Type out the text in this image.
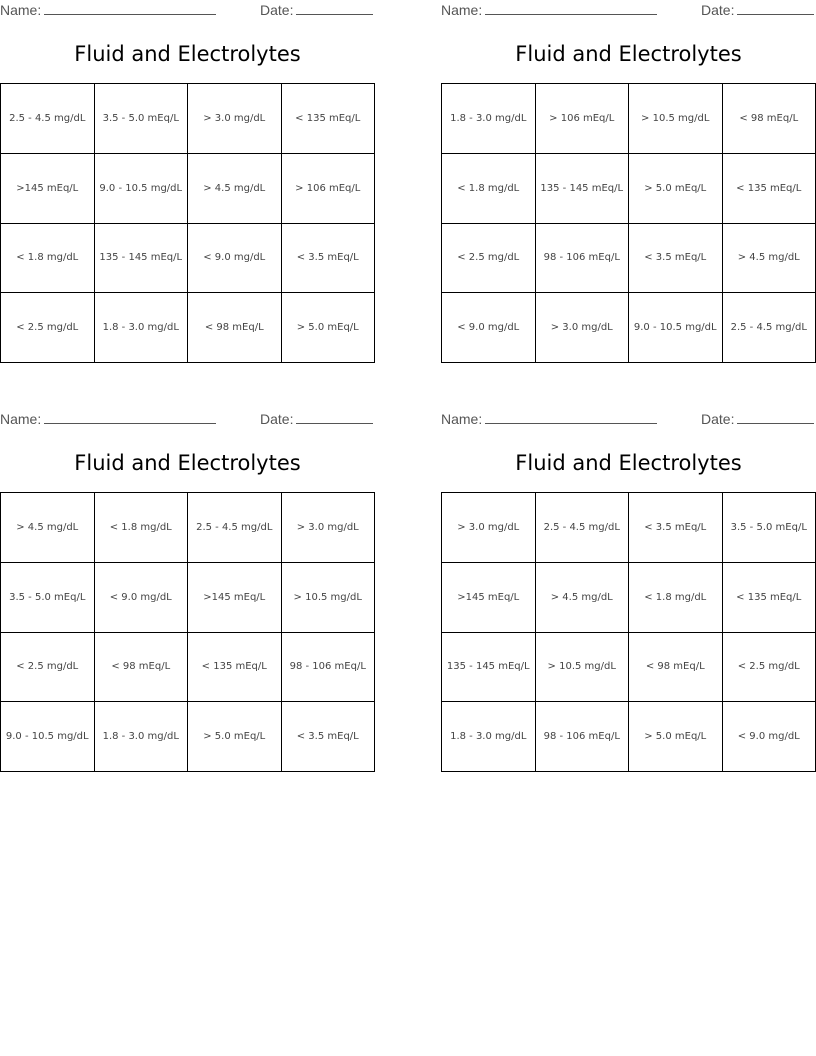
Name:	Date:
Fluid and Electrolytes
2.5 - 4.5 mg/dL	3.5 - 5.0 mEq/L	> 3.0 mg/dL	< 135 mEq/L
>145 mEq/L	9.0 - 10.5 mg/dL	> 4.5 mg/dL	> 106 mEq/L
< 1.8 mg/dL	135 - 145 mEq/L	< 9.0 mg/dL	< 3.5 mEq/L
< 2.5 mg/dL	1.8 - 3.0 mg/dL	< 98 mEq/L	> 5.0 mEq/L
Name:	Date:
Fluid and Electrolytes
1.8 - 3.0 mg/dL	> 106 mEq/L	> 10.5 mg/dL	< 98 mEq/L
< 1.8 mg/dL	135 - 145 mEq/L	> 5.0 mEq/L	< 135 mEq/L
< 2.5 mg/dL	98 - 106 mEq/L	< 3.5 mEq/L	> 4.5 mg/dL
< 9.0 mg/dL	> 3.0 mg/dL	9.0 - 10.5 mg/dL	2.5 - 4.5 mg/dL
Name:	Date:
Fluid and Electrolytes
> 4.5 mg/dL	< 1.8 mg/dL	2.5 - 4.5 mg/dL	> 3.0 mg/dL
3.5 - 5.0 mEq/L	< 9.0 mg/dL	>145 mEq/L	> 10.5 mg/dL
< 2.5 mg/dL	< 98 mEq/L	< 135 mEq/L	98 - 106 mEq/L
9.0 - 10.5 mg/dL	1.8 - 3.0 mg/dL	> 5.0 mEq/L	< 3.5 mEq/L
Name:	Date:
Fluid and Electrolytes
> 3.0 mg/dL	2.5 - 4.5 mg/dL	< 3.5 mEq/L	3.5 - 5.0 mEq/L
>145 mEq/L	> 4.5 mg/dL	< 1.8 mg/dL	< 135 mEq/L
135 - 145 mEq/L	> 10.5 mg/dL	< 98 mEq/L	< 2.5 mg/dL
1.8 - 3.0 mg/dL	98 - 106 mEq/L	> 5.0 mEq/L	< 9.0 mg/dL
